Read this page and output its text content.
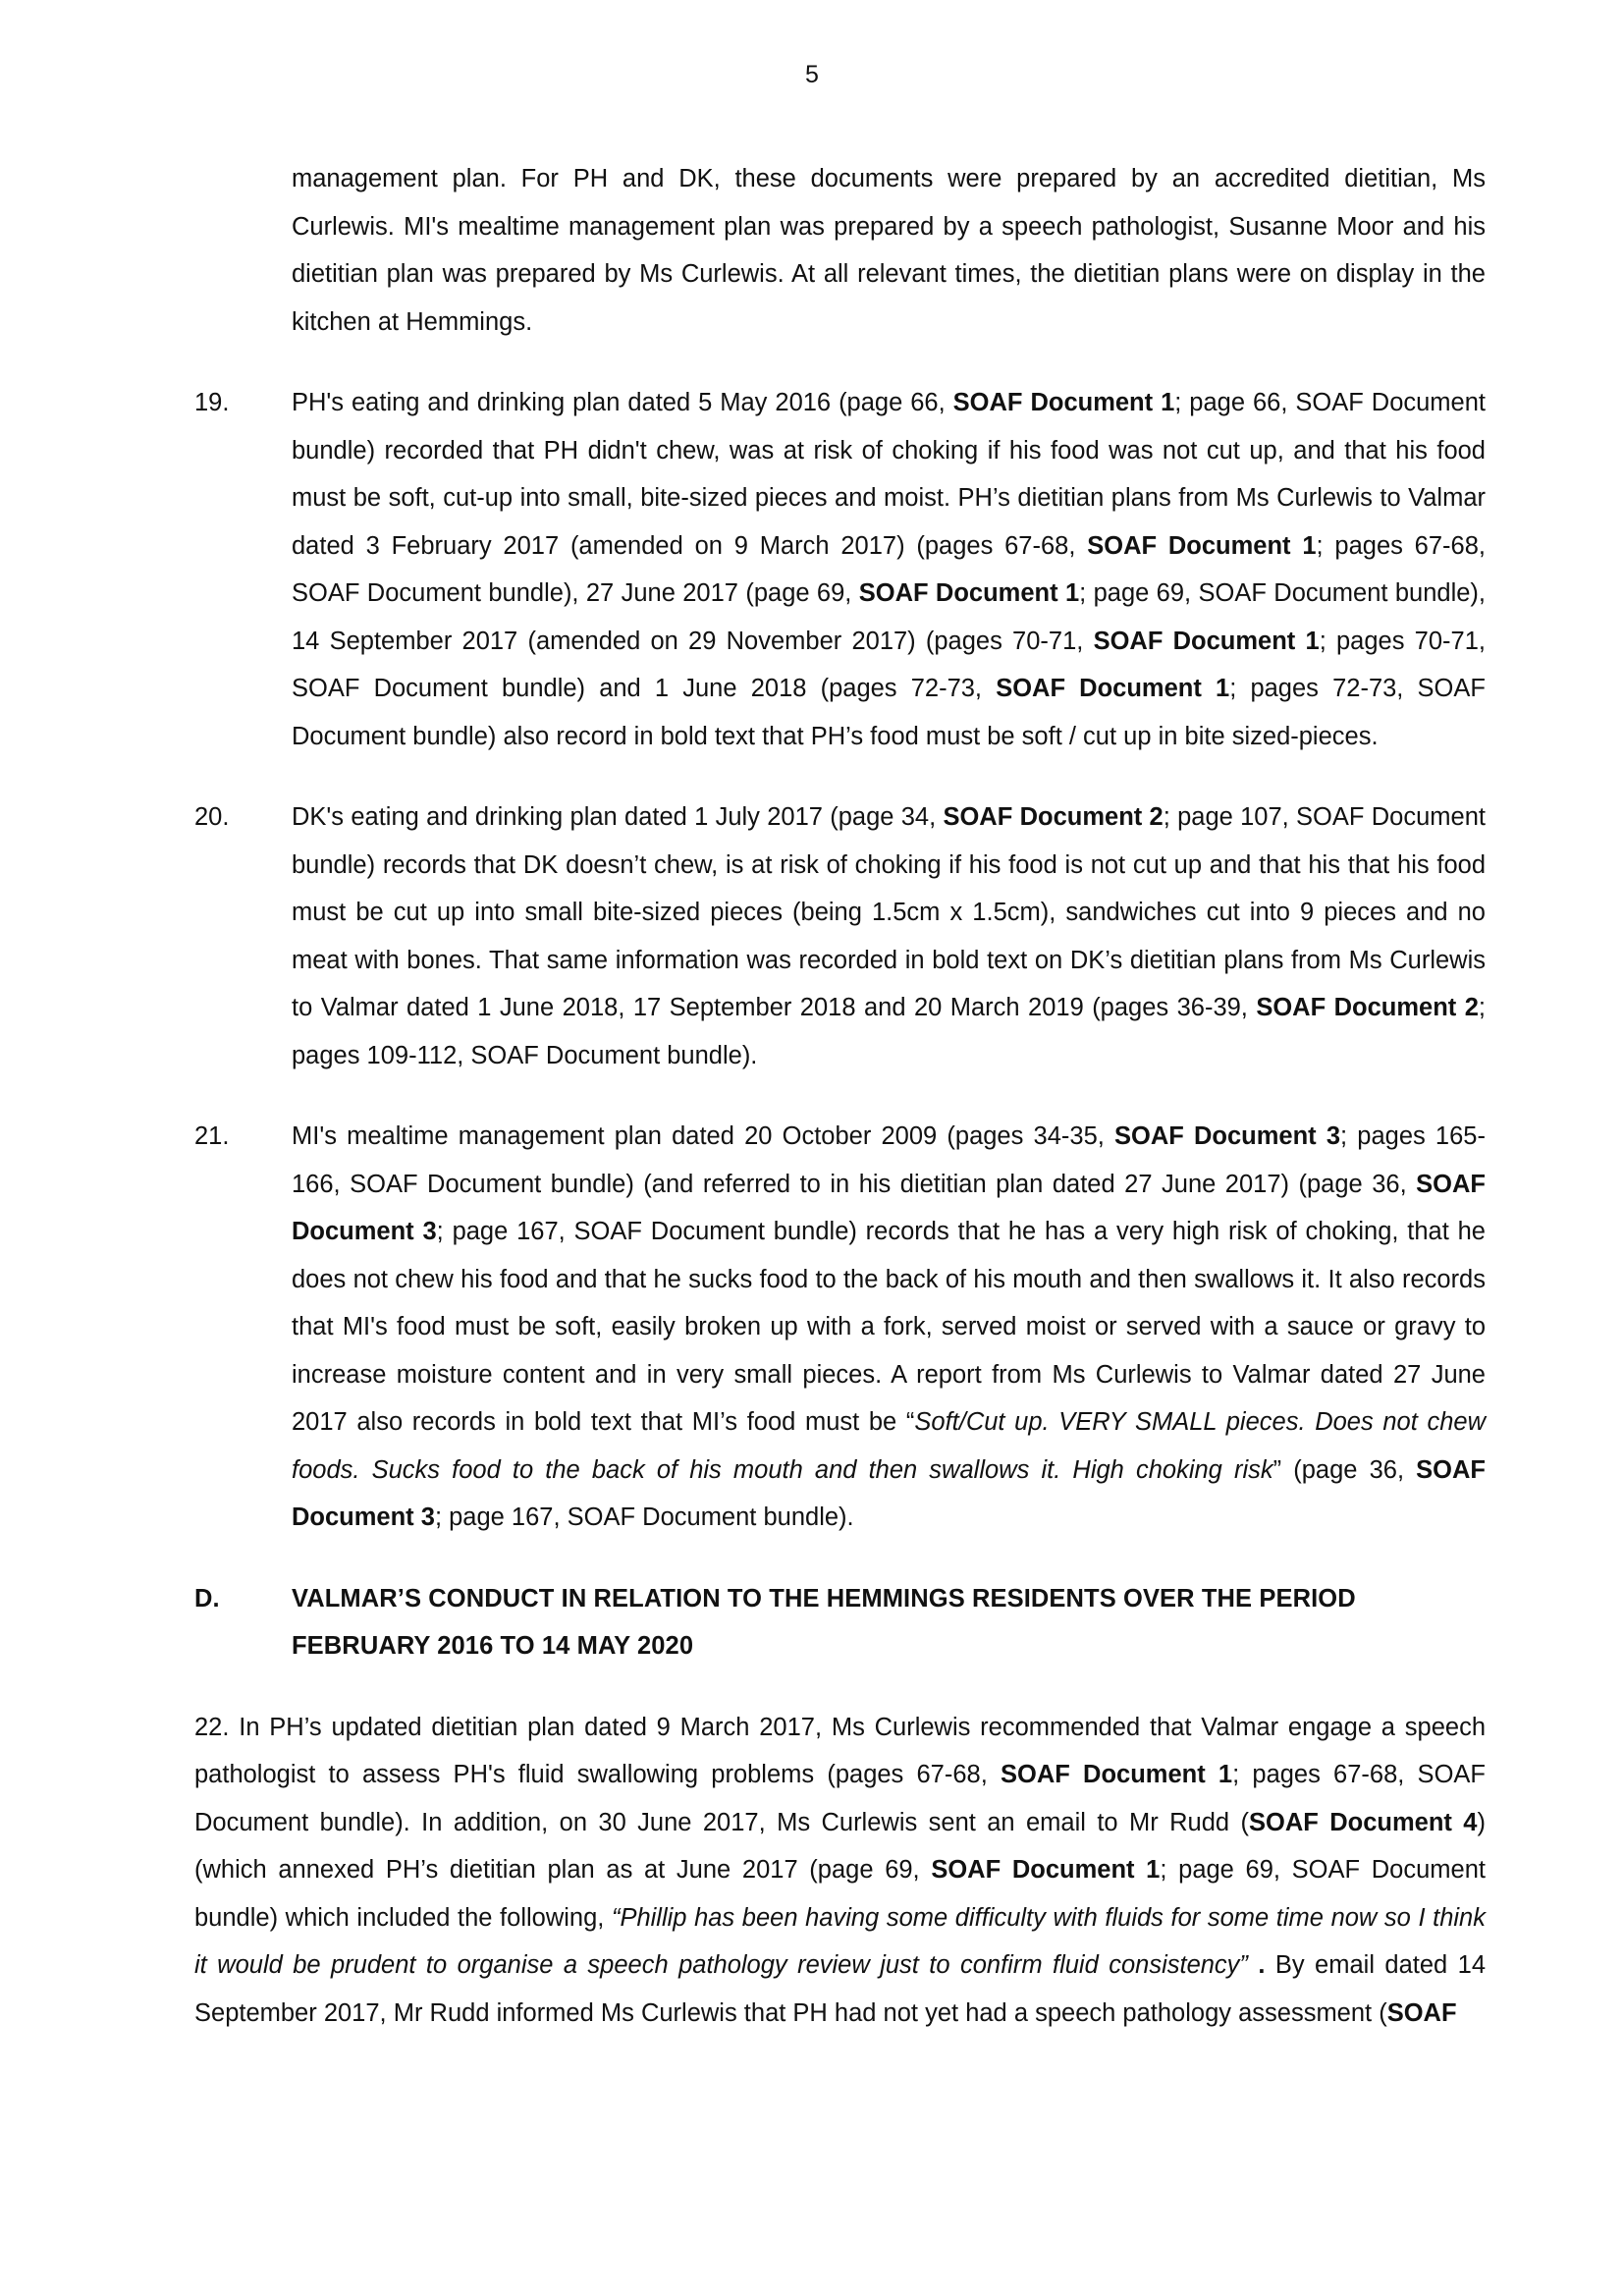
5

management plan. For PH and DK, these documents were prepared by an accredited dietitian, Ms Curlewis. MI's mealtime management plan was prepared by a speech pathologist, Susanne Moor and his dietitian plan was prepared by Ms Curlewis. At all relevant times, the dietitian plans were on display in the kitchen at Hemmings.

19. PH's eating and drinking plan dated 5 May 2016 (page 66, SOAF Document 1; page 66, SOAF Document bundle) recorded that PH didn't chew, was at risk of choking if his food was not cut up, and that his food must be soft, cut-up into small, bite-sized pieces and moist. PH’s dietitian plans from Ms Curlewis to Valmar dated 3 February 2017 (amended on 9 March 2017) (pages 67-68, SOAF Document 1; pages 67-68, SOAF Document bundle), 27 June 2017 (page 69, SOAF Document 1; page 69, SOAF Document bundle), 14 September 2017 (amended on 29 November 2017) (pages 70-71, SOAF Document 1; pages 70-71, SOAF Document bundle) and 1 June 2018 (pages 72-73, SOAF Document 1; pages 72-73, SOAF Document bundle) also record in bold text that PH’s food must be soft / cut up in bite sized-pieces.

20. DK's eating and drinking plan dated 1 July 2017 (page 34, SOAF Document 2; page 107, SOAF Document bundle) records that DK doesn’t chew, is at risk of choking if his food is not cut up and that his that his food must be cut up into small bite-sized pieces (being 1.5cm x 1.5cm), sandwiches cut into 9 pieces and no meat with bones. That same information was recorded in bold text on DK’s dietitian plans from Ms Curlewis to Valmar dated 1 June 2018, 17 September 2018 and 20 March 2019 (pages 36-39, SOAF Document 2; pages 109-112, SOAF Document bundle).

21. MI's mealtime management plan dated 20 October 2009 (pages 34-35, SOAF Document 3; pages 165-166, SOAF Document bundle) (and referred to in his dietitian plan dated 27 June 2017) (page 36, SOAF Document 3; page 167, SOAF Document bundle) records that he has a very high risk of choking, that he does not chew his food and that he sucks food to the back of his mouth and then swallows it. It also records that MI's food must be soft, easily broken up with a fork, served moist or served with a sauce or gravy to increase moisture content and in very small pieces. A report from Ms Curlewis to Valmar dated 27 June 2017 also records in bold text that MI’s food must be “Soft/Cut up. VERY SMALL pieces. Does not chew foods. Sucks food to the back of his mouth and then swallows it. High choking risk” (page 36, SOAF Document 3; page 167, SOAF Document bundle).

D.	VALMAR’S CONDUCT IN RELATION TO THE HEMMINGS RESIDENTS OVER THE PERIOD FEBRUARY 2016 TO 14 MAY 2020

22. In PH’s updated dietitian plan dated 9 March 2017, Ms Curlewis recommended that Valmar engage a speech pathologist to assess PH's fluid swallowing problems (pages 67-68, SOAF Document 1; pages 67-68, SOAF Document bundle). In addition, on 30 June 2017, Ms Curlewis sent an email to Mr Rudd (SOAF Document 4) (which annexed PH’s dietitian plan as at June 2017 (page 69, SOAF Document 1; page 69, SOAF Document bundle) which included the following, “Phillip has been having some difficulty with fluids for some time now so I think it would be prudent to organise a speech pathology review just to confirm fluid consistency” . By email dated 14 September 2017, Mr Rudd informed Ms Curlewis that PH had not yet had a speech pathology assessment (SOAF
